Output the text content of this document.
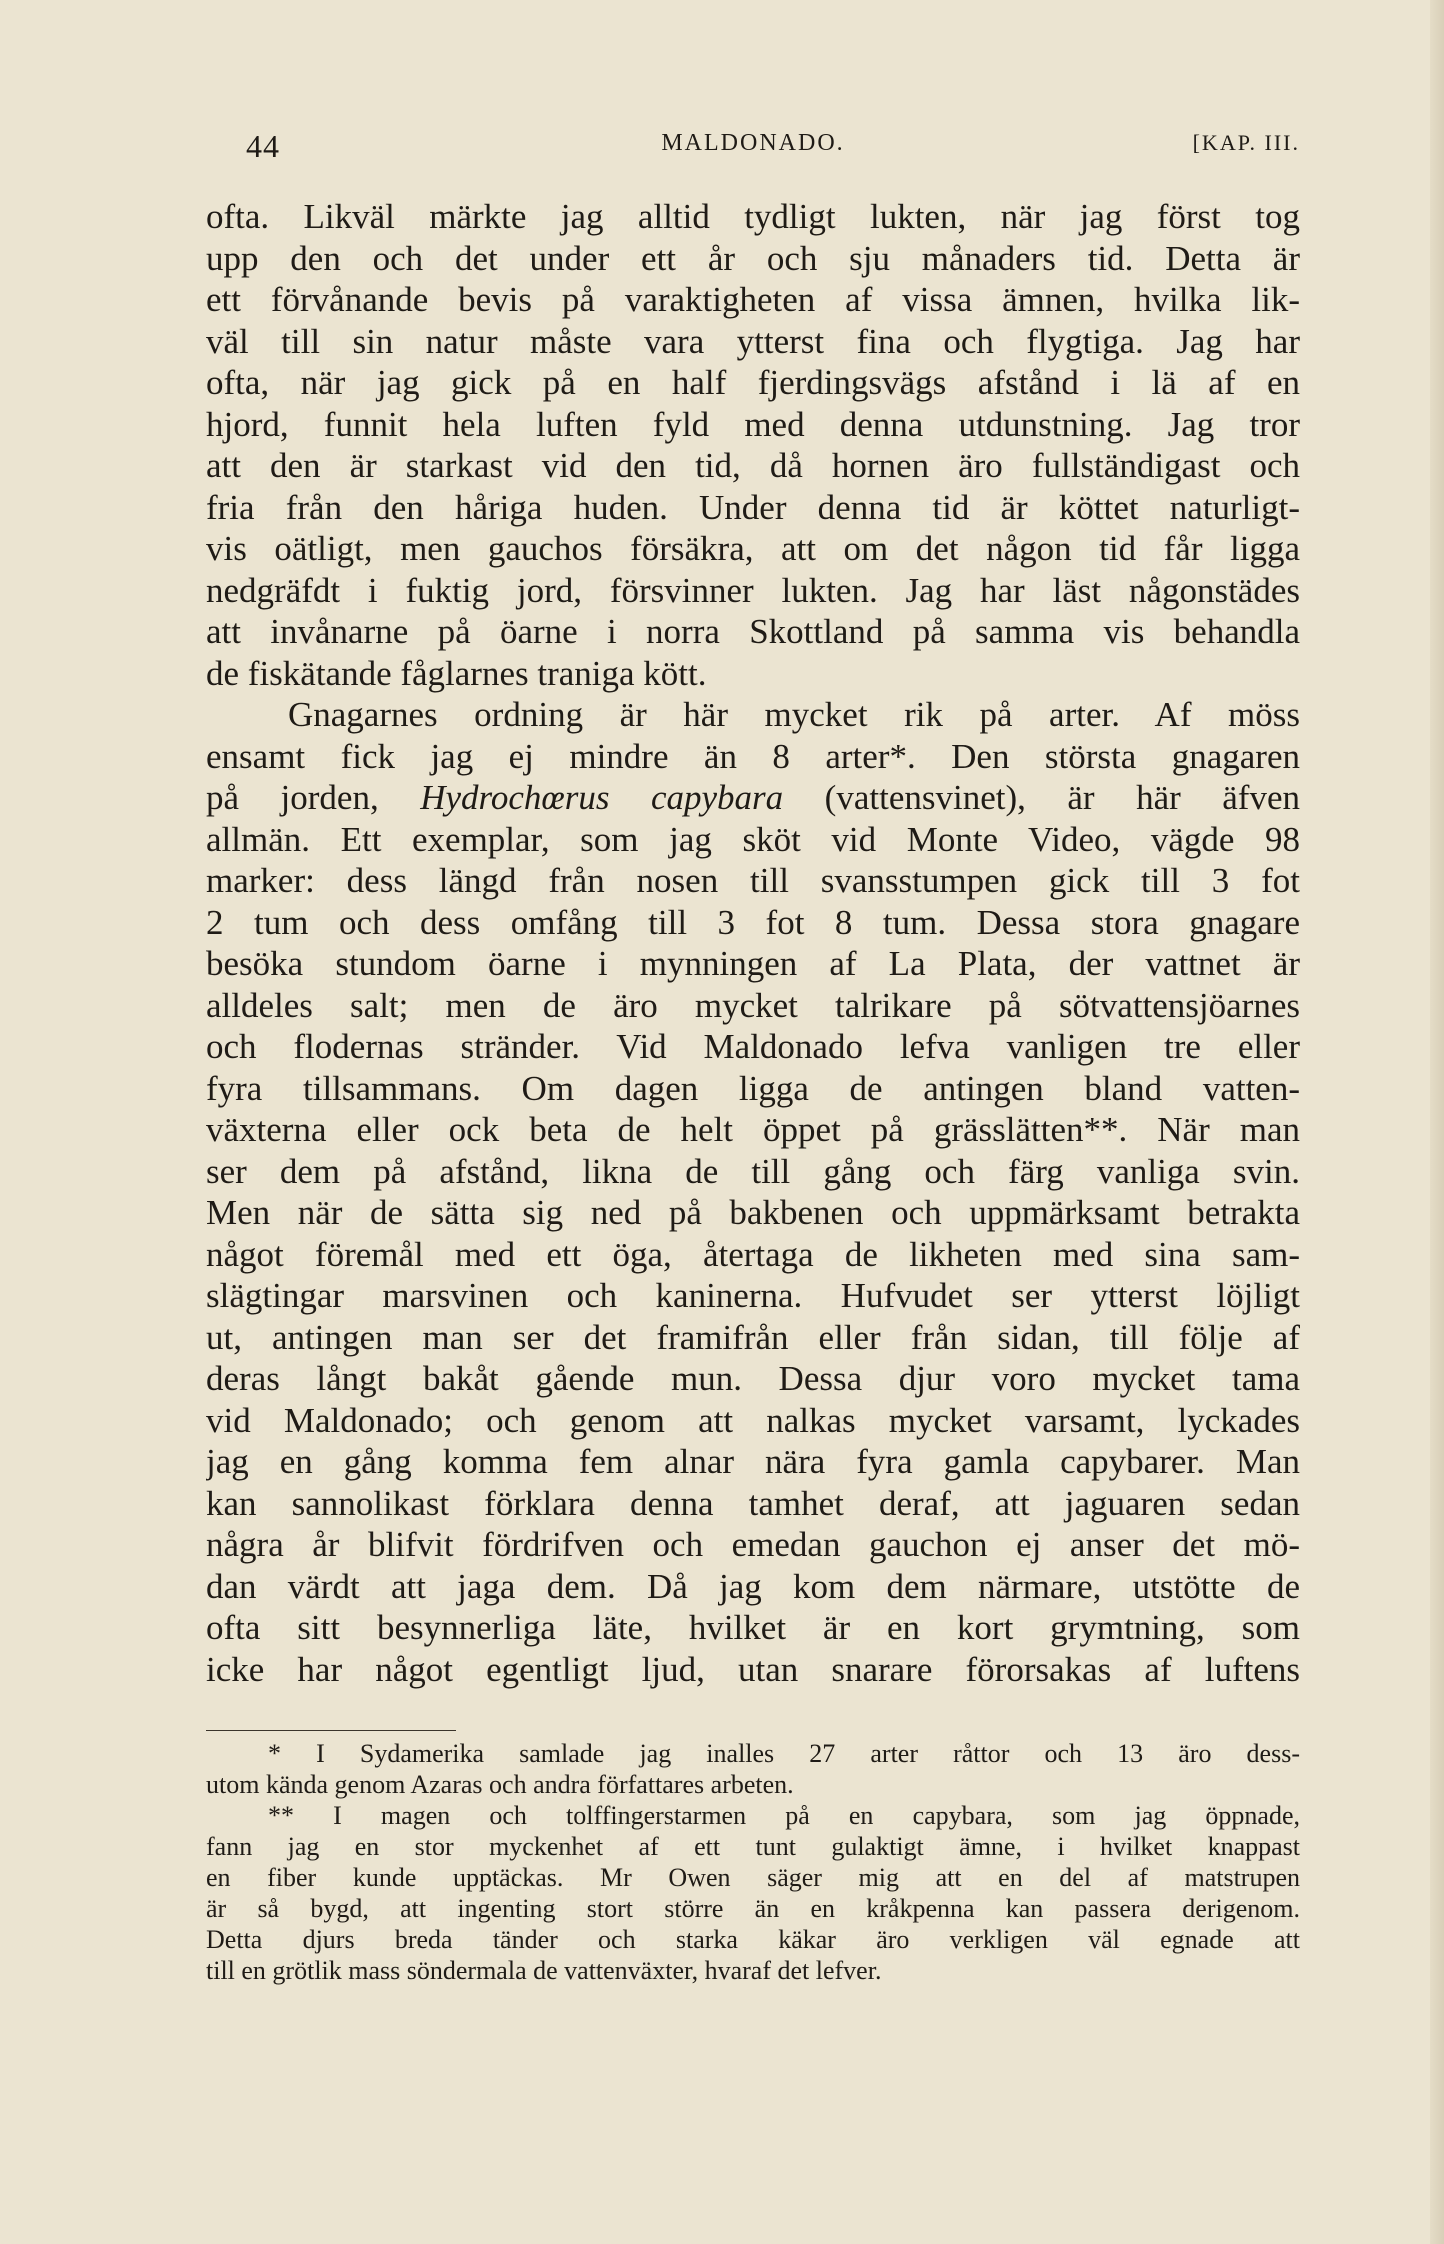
44	MALDONADO.	[KAP. III.
ofta. Likväl märkte jag alltid tydligt lukten, när jag först tog
upp den och det under ett år och sju månaders tid. Detta är
ett förvånande bevis på varaktigheten af vissa ämnen, hvilka lik-
väl till sin natur måste vara ytterst fina och flygtiga. Jag har
ofta, när jag gick på en half fjerdingsvägs afstånd i lä af en
hjord, funnit hela luften fyld med denna utdunstning. Jag tror
att den är starkast vid den tid, då hornen äro fullständigast och
fria från den håriga huden. Under denna tid är köttet naturligt-
vis oätligt, men gauchos försäkra, att om det någon tid får ligga
nedgräfdt i fuktig jord, försvinner lukten. Jag har läst någonstädes
att invånarne på öarne i norra Skottland på samma vis behandla
de fiskätande fåglarnes traniga kött.
Gnagarnes ordning är här mycket rik på arter. Af möss
ensamt fick jag ej mindre än 8 arter*. Den största gnagaren
på jorden, Hydrochœrus capybara (vattensvinet), är här äfven
allmän. Ett exemplar, som jag sköt vid Monte Video, vägde 98
marker: dess längd från nosen till svansstumpen gick till 3 fot
2 tum och dess omfång till 3 fot 8 tum. Dessa stora gnagare
besöka stundom öarne i mynningen af La Plata, der vattnet är
alldeles salt; men de äro mycket talrikare på sötvattensjöarnes
och flodernas stränder. Vid Maldonado lefva vanligen tre eller
fyra tillsammans. Om dagen ligga de antingen bland vatten-
växterna eller ock beta de helt öppet på grässlätten**. När man
ser dem på afstånd, likna de till gång och färg vanliga svin.
Men när de sätta sig ned på bakbenen och uppmärksamt betrakta
något föremål med ett öga, återtaga de likheten med sina sam-
slägtingar marsvinen och kaninerna. Hufvudet ser ytterst löjligt
ut, antingen man ser det framifrån eller från sidan, till följe af
deras långt bakåt gående mun. Dessa djur voro mycket tama
vid Maldonado; och genom att nalkas mycket varsamt, lyckades
jag en gång komma fem alnar nära fyra gamla capybarer. Man
kan sannolikast förklara denna tamhet deraf, att jaguaren sedan
några år blifvit fördrifven och emedan gauchon ej anser det mö-
dan värdt att jaga dem. Då jag kom dem närmare, utstötte de
ofta sitt besynnerliga läte, hvilket är en kort grymtning, som
icke har något egentligt ljud, utan snarare förorsakas af luftens
* I Sydamerika samlade jag inalles 27 arter råttor och 13 äro dess-
utom kända genom Azaras och andra författares arbeten.
** I magen och tolffingerstarmen på en capybara, som jag öppnade,
fann jag en stor myckenhet af ett tunt gulaktigt ämne, i hvilket knappast
en fiber kunde upptäckas. Mr Owen säger mig att en del af matstrupen
är så bygd, att ingenting stort större än en kråkpenna kan passera derigenom.
Detta djurs breda tänder och starka käkar äro verkligen väl egnade att
till en grötlik mass söndermala de vattenväxter, hvaraf det lefver.
